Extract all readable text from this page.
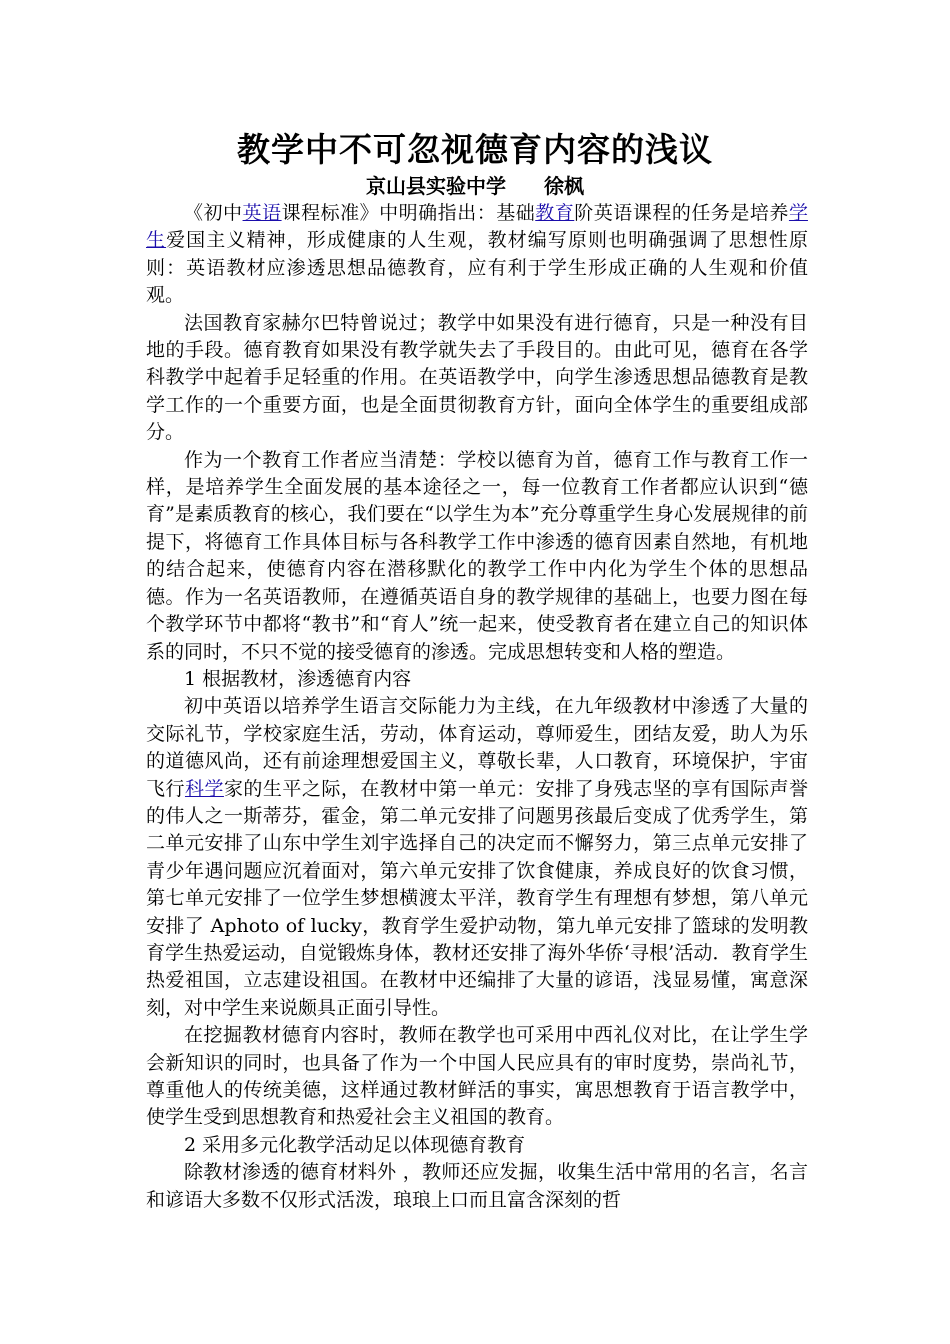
教学中不可忽视德育内容的浅议
京山县实验中学 徐枫

《初中英语课程标准》中明确指出：基础教育阶英语课程的任务是培养学生爱国主义精神，形成健康的人生观，教材编写原则也明确强调了思想性原则：英语教材应渗透思想品德教育，应有利于学生形成正确的人生观和价值观。

法国教育家赫尔巴特曾说过；教学中如果没有进行德育，只是一种没有目地的手段。德育教育如果没有教学就失去了手段目的。由此可见，德育在各学科教学中起着手足轻重的作用。在英语教学中，向学生渗透思想品德教育是教学工作的一个重要方面，也是全面贯彻教育方针，面向全体学生的重要组成部分。

作为一个教育工作者应当清楚：学校以德育为首，德育工作与教育工作一样，是培养学生全面发展的基本途径之一，每一位教育工作者都应认识到“德育”是素质教育的核心，我们要在“以学生为本”充分尊重学生身心发展规律的前提下，将德育工作具体目标与各科教学工作中渗透的德育因素自然地，有机地的结合起来，使德育内容在潜移默化的教学工作中内化为学生个体的思想品德。作为一名英语教师，在遵循英语自身的教学规律的基础上，也要力图在每个教学环节中都将“教书”和“育人”统一起来，使受教育者在建立自己的知识体系的同时，不只不觉的接受德育的渗透。完成思想转变和人格的塑造。

1 根据教材，渗透德育内容

初中英语以培养学生语言交际能力为主线，在九年级教材中渗透了大量的交际礼节，学校家庭生活，劳动，体育运动，尊师爱生，团结友爱，助人为乐的道德风尚，还有前途理想爱国主义，尊敬长辈，人口教育，环境保护，宇宙飞行科学家的生平之际，在教材中第一单元：安排了身残志坚的享有国际声誉的伟人之一斯蒂芬，霍金，第二单元安排了问题男孩最后变成了优秀学生，第二单元安排了山东中学生刘宇选择自己的决定而不懈努力，第三点单元安排了青少年遇问题应沉着面对，第六单元安排了饮食健康，养成良好的饮食习惯，第七单元安排了一位学生梦想横渡太平洋，教育学生有理想有梦想，第八单元安排了 Aphoto of lucky，教育学生爱护动物，第九单元安排了篮球的发明教育学生热爱运动，自觉锻炼身体，教材还安排了海外华侨‘寻根’活动．教育学生热爱祖国，立志建设祖国。在教材中还编排了大量的谚语，浅显易懂，寓意深刻，对中学生来说颇具正面引导性。

在挖掘教材德育内容时，教师在教学也可采用中西礼仪对比，在让学生学会新知识的同时，也具备了作为一个中国人民应具有的审时度势，崇尚礼节，尊重他人的传统美德，这样通过教材鲜活的事实，寓思想教育于语言教学中，使学生受到思想教育和热爱社会主义祖国的教育。

2 采用多元化教学活动足以体现德育教育

除教材渗透的德育材料外 ，教师还应发掘，收集生活中常用的名言，名言和谚语大多数不仅形式活泼，琅琅上口而且富含深刻的哲
